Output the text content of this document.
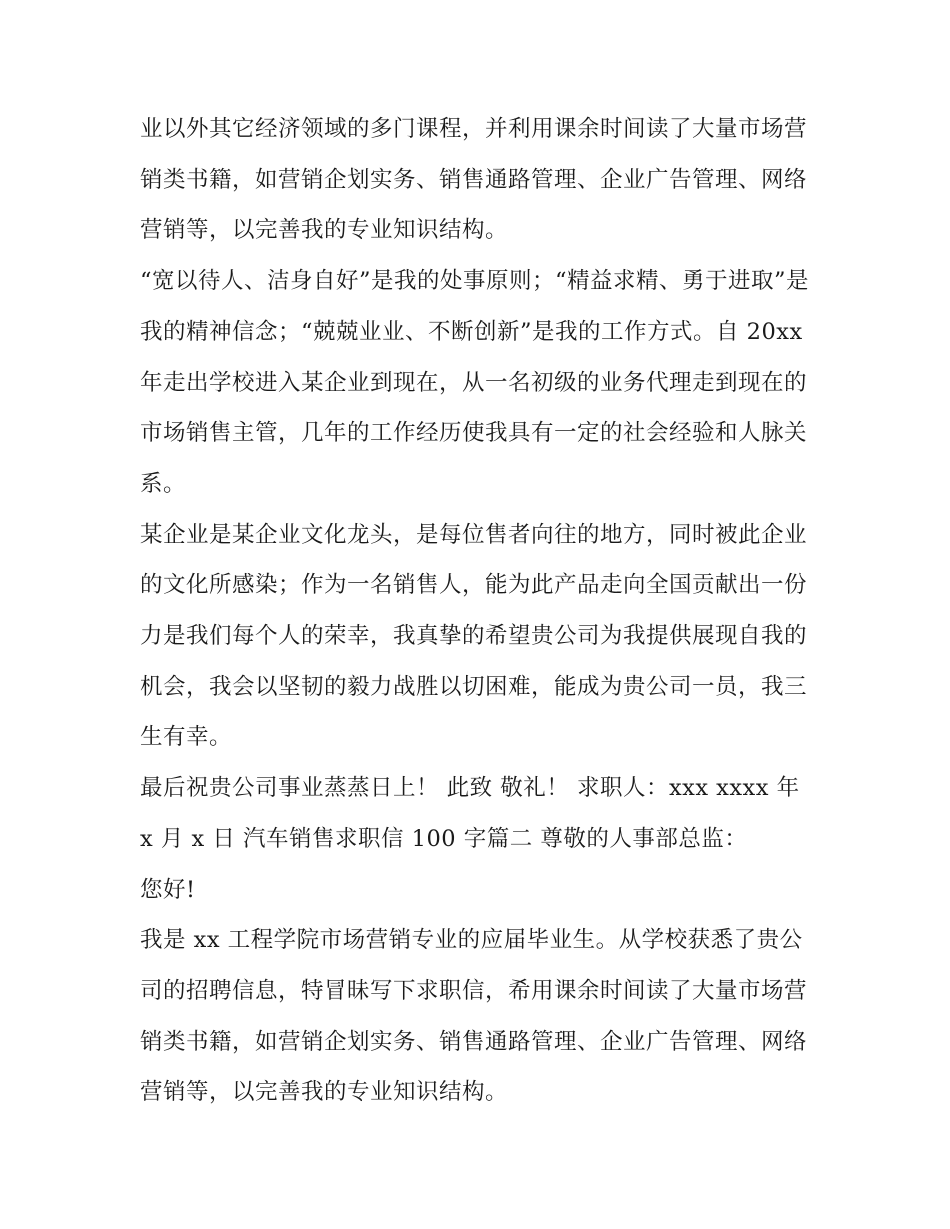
业以外其它经济领域的多门课程，并利用课余时间读了大量市场营销类书籍，如营销企划实务、销售通路管理、企业广告管理、网络营销等，以完善我的专业知识结构。

“宽以待人、洁身自好”是我的处事原则；“精益求精、勇于进取”是我的精神信念；“兢兢业业、不断创新”是我的工作方式。自 20xx 年走出学校进入某企业到现在，从一名初级的业务代理走到现在的市场销售主管，几年的工作经历使我具有一定的社会经验和人脉关系。

某企业是某企业文化龙头，是每位售者向往的地方，同时被此企业的文化所感染；作为一名销售人，能为此产品走向全国贡献出一份力是我们每个人的荣幸，我真挚的希望贵公司为我提供展现自我的机会，我会以坚韧的毅力战胜以切困难，能成为贵公司一员，我三生有幸。

最后祝贵公司事业蒸蒸日上！ 此致 敬礼！ 求职人：xxx xxxx 年 x 月 x 日 汽车销售求职信 100 字篇二 尊敬的人事部总监：

您好!

我是 xx 工程学院市场营销专业的应届毕业生。从学校获悉了贵公司的招聘信息，特冒昧写下求职信，希用课余时间读了大量市场营销类书籍，如营销企划实务、销售通路管理、企业广告管理、网络营销等，以完善我的专业知识结构。
